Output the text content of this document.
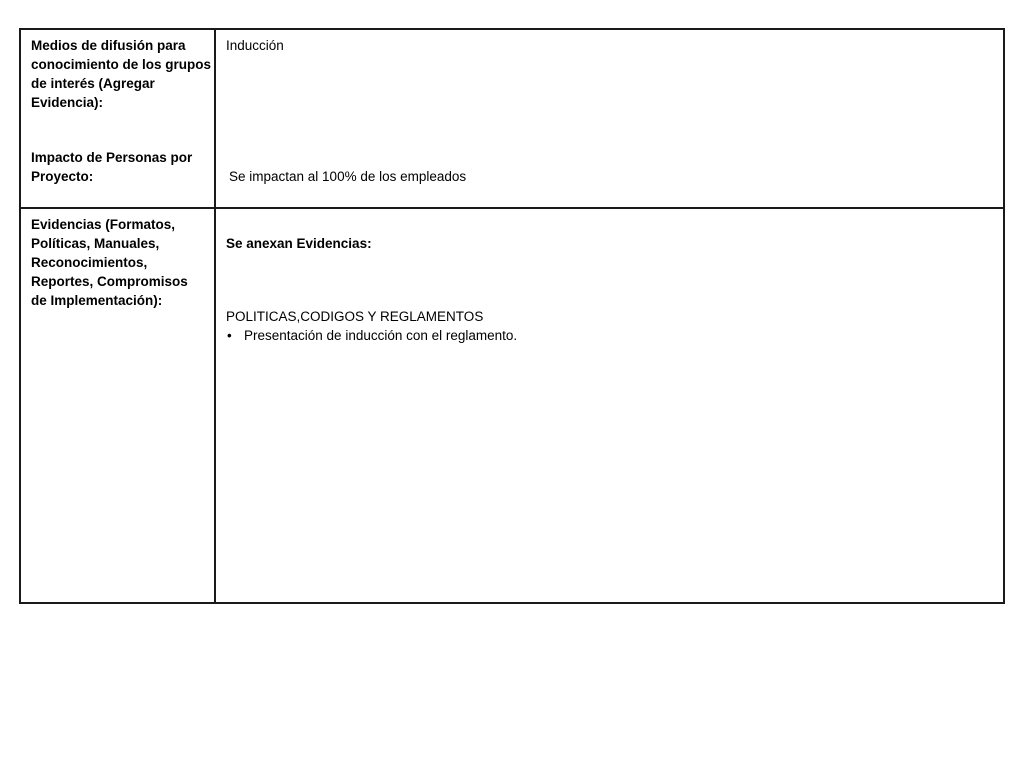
Medios de difusión para conocimiento de los grupos de interés (Agregar Evidencia):

Impacto de Personas por Proyecto:

Inducción

Se impactan al 100% de los empleados

Evidencias (Formatos, Políticas, Manuales, Reconocimientos, Reportes, Compromisos de Implementación):

Se anexan Evidencias:

POLITICAS,CODIGOS Y REGLAMENTOS

• Presentación de inducción con el reglamento.
